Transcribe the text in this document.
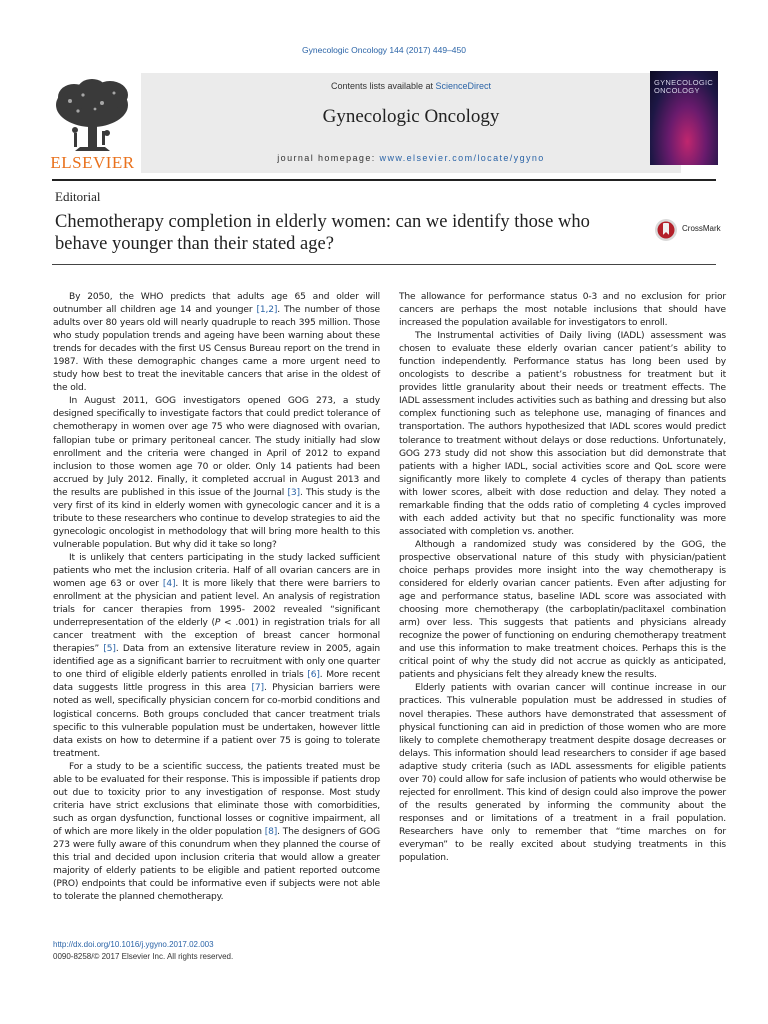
Gynecologic Oncology 144 (2017) 449–450
ELSEVIER
Contents lists available at ScienceDirect
Gynecologic Oncology
journal homepage: www.elsevier.com/locate/ygyno
GYNECOLOGIC
ONCOLOGY
Editorial
Chemotherapy completion in elderly women: can we identify those who behave younger than their stated age?
CrossMark

By 2050, the WHO predicts that adults age 65 and older will outnumber all children age 14 and younger [1,2]. The number of those adults over 80 years old will nearly quadruple to reach 395 million. Those who study population trends and ageing have been warning about these trends for decades with the first US Census Bureau report on the trend in 1987. With these demographic changes came a more urgent need to study how best to treat the inevitable cancers that arise in the oldest of the old.

In August 2011, GOG investigators opened GOG 273, a study designed specifically to investigate factors that could predict tolerance of chemotherapy in women over age 75 who were diagnosed with ovarian, fallopian tube or primary peritoneal cancer. The study initially had slow enrollment and the criteria were changed in April of 2012 to expand inclusion to those women age 70 or older. Only 14 patients had been accrued by July 2012. Finally, it completed accrual in August 2013 and the results are published in this issue of the Journal [3]. This study is the very first of its kind in elderly women with gynecologic cancer and it is a tribute to these researchers who continue to develop strategies to aid the gynecologic oncologist in methodology that will bring more health to this vulnerable population. But why did it take so long?

It is unlikely that centers participating in the study lacked sufficient patients who met the inclusion criteria. Half of all ovarian cancers are in women age 63 or over [4]. It is more likely that there were barriers to enrollment at the physician and patient level. An analysis of registration trials for cancer therapies from 1995- 2002 revealed “significant underrepresentation of the elderly (P < .001) in registration trials for all cancer treatment with the exception of breast cancer hormonal therapies” [5]. Data from an extensive literature review in 2005, again identified age as a significant barrier to recruitment with only one quarter to one third of eligible elderly patients enrolled in trials [6]. More recent data suggests little progress in this area [7]. Physician barriers were noted as well, specifically physician concern for co-morbid conditions and logistical concerns. Both groups concluded that cancer treatment trials specific to this vulnerable population must be undertaken, however little data exists on how to determine if a patient over 75 is going to tolerate treatment.

For a study to be a scientific success, the patients treated must be able to be evaluated for their response. This is impossible if patients drop out due to toxicity prior to any investigation of response. Most study criteria have strict exclusions that eliminate those with comorbidities, such as organ dysfunction, functional losses or cognitive impairment, all of which are more likely in the older population [8]. The designers of GOG 273 were fully aware of this conundrum when they planned the course of this trial and decided upon inclusion criteria that would allow a greater majority of elderly patients to be eligible and patient reported outcome (PRO) endpoints that could be informative even if subjects were not able to tolerate the planned chemotherapy.

The allowance for performance status 0-3 and no exclusion for prior cancers are perhaps the most notable inclusions that should have increased the population available for investigators to enroll.

The Instrumental activities of Daily living (IADL) assessment was chosen to evaluate these elderly ovarian cancer patient’s ability to function independently. Performance status has long been used by oncologists to describe a patient’s robustness for treatment but it provides little granularity about their needs or treatment effects. The IADL assessment includes activities such as bathing and dressing but also complex functioning such as telephone use, managing of finances and transportation. The authors hypothesized that IADL scores would predict tolerance to treatment without delays or dose reductions. Unfortunately, GOG 273 study did not show this association but did demonstrate that patients with a higher IADL, social activities score and QoL score were significantly more likely to complete 4 cycles of therapy than patients with lower scores, albeit with dose reduction and delay. They noted a remarkable finding that the odds ratio of completing 4 cycles improved with each added activity but that no specific functionality was more associated with completion vs. another.

Although a randomized study was considered by the GOG, the prospective observational nature of this study with physician/patient choice perhaps provides more insight into the way chemotherapy is considered for elderly ovarian cancer patients. Even after adjusting for age and performance status, baseline IADL score was associated with choosing more chemotherapy (the carboplatin/paclitaxel combination arm) over less. This suggests that patients and physicians already recognize the power of functioning on enduring chemotherapy treatment and use this information to make treatment choices. Perhaps this is the critical point of why the study did not accrue as quickly as anticipated, patients and physicians felt they already knew the results.

Elderly patients with ovarian cancer will continue increase in our practices. This vulnerable population must be addressed in studies of novel therapies. These authors have demonstrated that assessment of physical functioning can aid in prediction of those women who are more likely to complete chemotherapy treatment despite dosage decreases or delays. This information should lead researchers to consider if age based adaptive study criteria (such as IADL assessments for eligible patients over 70) could allow for safe inclusion of patients who would otherwise be rejected for enrollment. This kind of design could also improve the power of the results generated by informing the community about the responses and or limitations of a treatment in a frail population. Researchers have only to remember that “time marches on for everyman” to be really excited about studying treatments in this population.

http://dx.doi.org/10.1016/j.ygyno.2017.02.003
0090-8258/© 2017 Elsevier Inc. All rights reserved.
